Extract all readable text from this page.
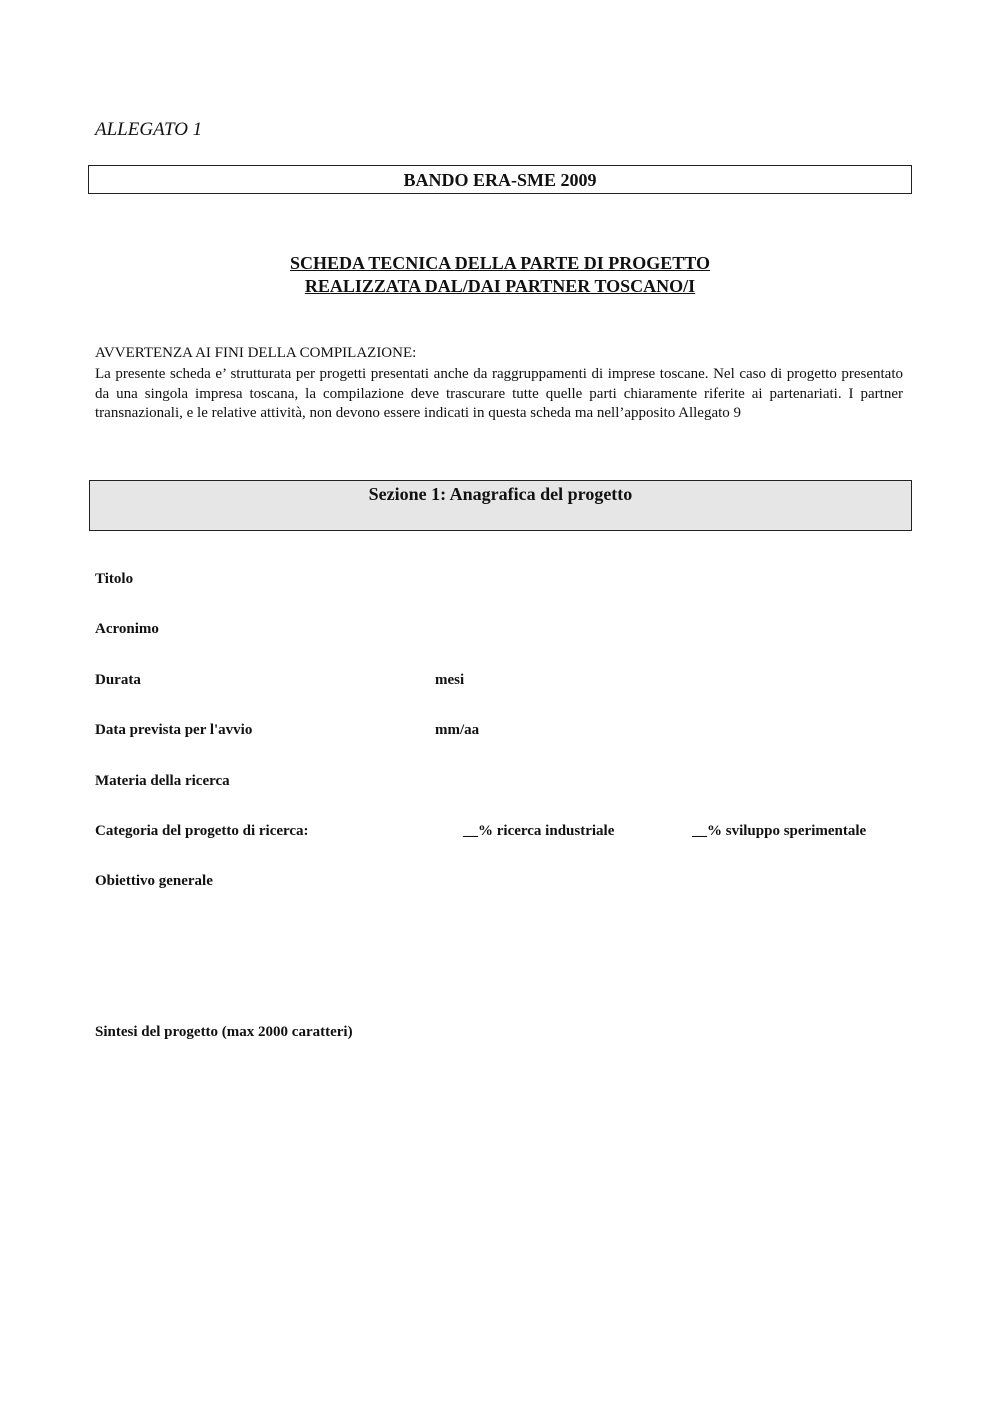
ALLEGATO 1
BANDO ERA-SME 2009
SCHEDA TECNICA DELLA PARTE DI PROGETTO
REALIZZATA DAL/DAI PARTNER TOSCANO/I
AVVERTENZA AI FINI DELLA COMPILAZIONE:
La presente scheda e’ strutturata per progetti presentati anche da raggruppamenti di imprese toscane. Nel caso di progetto presentato da una singola impresa toscana, la compilazione deve trascurare tutte quelle parti chiaramente riferite ai partenariati. I partner transnazionali, e le relative attività, non devono essere indicati in questa scheda ma nell’apposito Allegato 9
Sezione 1: Anagrafica del progetto
Titolo
Acronimo
Durata	mesi
Data prevista per l'avvio	mm/aa
Materia della ricerca
Categoria del progetto di ricerca:	__% ricerca industriale	__% sviluppo sperimentale
Obiettivo generale
Sintesi del progetto (max 2000 caratteri)
